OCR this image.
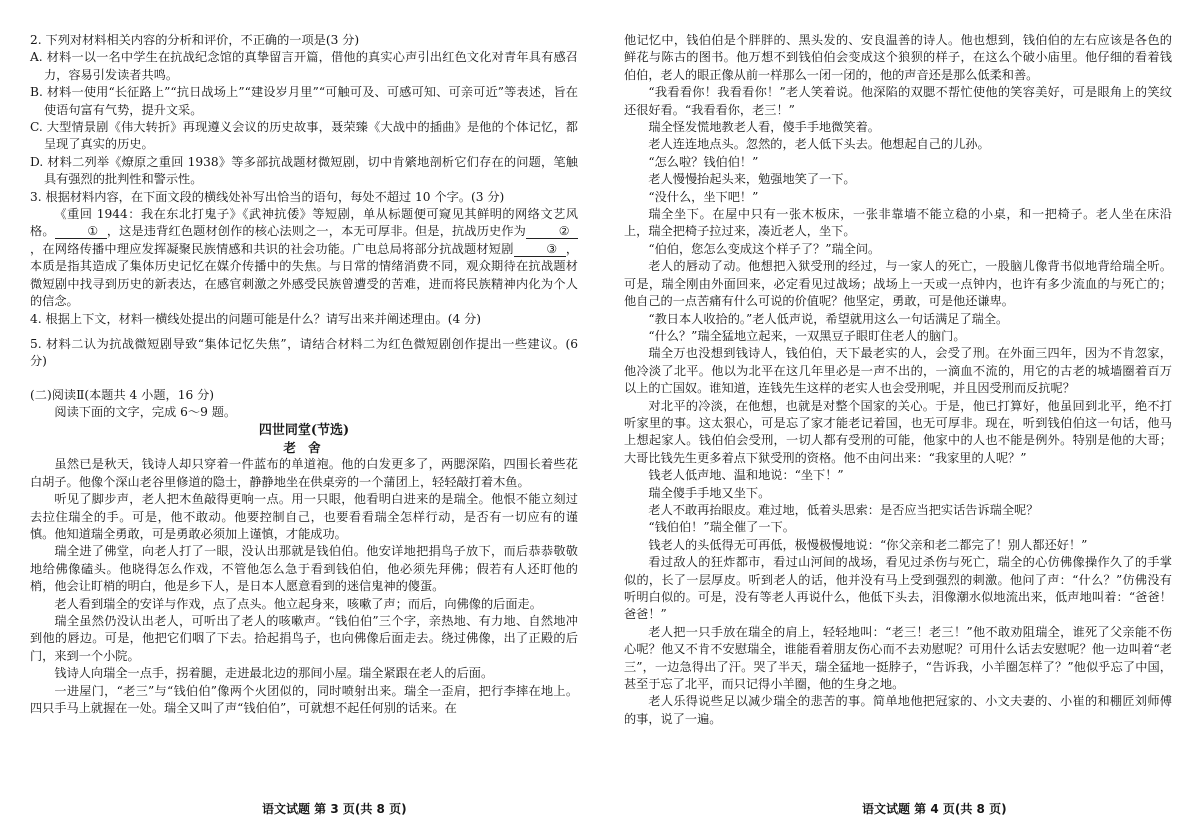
2. 下列对材料相关内容的分析和评价，不正确的一项是(3 分)

A. 材料一以一名中学生在抗战纪念馆的真挚留言开篇，借他的真实心声引出红色文化对青年具有感召力，容易引发读者共鸣。

B. 材料一使用“长征路上”“抗日战场上”“建设岁月里”“可触可及、可感可知、可亲可近”等表述，旨在使语句富有气势，提升文采。

C. 大型情景剧《伟大转折》再现遵义会议的历史故事，聂荣臻《大战中的插曲》是他的个体记忆，都呈现了真实的历史。

D. 材料二列举《燎原之重回 1938》等多部抗战题材微短剧，切中肯綮地剖析它们存在的问题，笔触具有强烈的批判性和警示性。

3. 根据材料内容，在下面文段的横线处补写出恰当的语句，每处不超过 10 个字。(3 分)

《重回 1944：我在东北打鬼子》《武神抗倭》等短剧，单从标题便可窥见其鲜明的网络文艺风格。	① ，这是违背红色题材创作的核心法则之一，本无可厚非。但是，抗战历史作为	②，在网络传播中理应发挥凝聚民族情感和共识的社会功能。广电总局将部分抗战题材短剧	③ ，本质是指其造成了集体历史记忆在媒介传播中的失焦。与日常的情绪消费不同，观众期待在抗战题材微短剧中找寻到历史的新表达，在感官刺激之外感受民族曾遭受的苦难，进而将民族精神内化为个人的信念。

4. 根据上下文，材料一横线处提出的问题可能是什么？请写出来并阐述理由。(4 分)

5. 材料二认为抗战微短剧导致“集体记忆失焦”，请结合材料二为红色微短剧创作提出一些建议。(6 分)

(二)阅读Ⅱ(本题共 4 小题，16 分)

阅读下面的文字，完成 6～9 题。

四世同堂(节选)

老 舍

虽然已是秋天，钱诗人却只穿着一件蓝布的单道袍。他的白发更多了，两腮深陷，四围长着些花白胡子。他像个深山老谷里修道的隐士，静静地坐在供桌旁的一个蒲团上，轻轻敲打着木鱼。

听见了脚步声，老人把木鱼敲得更响一点。用一只眼，他看明白进来的是瑞全。他恨不能立刻过去拉住瑞全的手。可是，他不敢动。他要控制自己，也要看看瑞全怎样行动，是否有一切应有的谨慎。他知道瑞全勇敢，可是勇敢必须加上谨慎，才能成功。

瑞全进了佛堂，向老人打了一眼，没认出那就是钱伯伯。他安详地把捐鸟子放下，而后恭恭敬敬地给佛像磕头。他晓得怎么作戏，不管他怎么急于看到钱伯伯，他必须先拜佛；假若有人还盯他的梢，他会让盯梢的明白，他是乡下人，是日本人愿意看到的迷信鬼神的傻蛋。

老人看到瑞全的安详与作戏，点了点头。他立起身来，咳嗽了声；而后，向佛像的后面走。

瑞全虽然仍没认出老人，可听出了老人的咳嗽声。“钱伯伯”三个字，亲热地、有力地、自然地冲到他的唇边。可是，他把它们咽了下去。拾起捐鸟子，也向佛像后面走去。绕过佛像，出了正殿的后门，来到一个小院。

钱诗人向瑞全一点手，拐着腿，走进最北边的那间小屋。瑞全紧跟在老人的后面。

一进屋门，“老三”与“钱伯伯”像两个火团似的，同时喷射出来。瑞全一歪肩，把行李摔在地上。四只手马上就握在一处。瑞全又叫了声“钱伯伯”，可就想不起任何别的话来。在

语文试题 第 3 页(共 8 页)

他记忆中，钱伯伯是个胖胖的、黑头发的、安良温善的诗人。他也想到，钱伯伯的左右应该是各色的鲜花与陈古的图书。他万想不到钱伯伯会变成这个狼狈的样子，在这么个破小庙里。他仔细的看着钱伯伯，老人的眼正像从前一样那么一闭一闭的，他的声音还是那么低柔和善。

“我看看你！我看看你！”老人笑着说。他深陷的双腮不帮忙使他的笑容美好，可是眼角上的笑纹还很好看。“我看看你，老三！”

瑞全怪发慌地教老人看，傻手手地微笑着。

老人连连地点头。忽然的，老人低下头去。他想起自己的儿孙。

“怎么啦？钱伯伯！”

老人慢慢抬起头来，勉强地笑了一下。

“没什么，坐下吧！”

瑞全坐下。在屋中只有一张木板床，一张非靠墙不能立稳的小桌，和一把椅子。老人坐在床沿上，瑞全把椅子拉过来，凑近老人，坐下。

“伯伯，您怎么变成这个样子了？”瑞全问。

老人的唇动了动。他想把入狱受刑的经过，与一家人的死亡，一股脑儿像背书似地背给瑞全听。可是，瑞全刚由外面回来，必定看见过战场；战场上一天或一点钟内，也许有多少流血的与死亡的；他自己的一点苦痛有什么可说的价值呢？他坚定，勇敢，可是他还谦卑。

“教日本人收拾的。”老人低声说，希望就用这么一句话满足了瑞全。

“什么？”瑞全猛地立起来，一双黑豆子眼盯住老人的脑门。

瑞全万也没想到钱诗人，钱伯伯，天下最老实的人，会受了刑。在外面三四年，因为不肯忽家，他冷淡了北平。他以为北平在这几年里必是一声不出的，一滴血不流的，用它的古老的城墙圈着百万以上的亡国奴。谁知道，连钱先生这样的老实人也会受刑呢，并且因受刑而反抗呢？

对北平的冷淡，在他想，也就是对整个国家的关心。于是，他已打算好，他虽回到北平，绝不打听家里的事。这太狠心，可是忘了家才能老记着国，也无可厚非。现在，听到钱伯伯这一句话，他马上想起家人。钱伯伯会受刑，一切人都有受刑的可能，他家中的人也不能是例外。特别是他的大哥；大哥比钱先生更多着点下狱受刑的资格。他不由问出来：“我家里的人呢？”

钱老人低声地、温和地说：“坐下！”

瑞全傻手手地又坐下。

老人不敢再抬眼皮。难过地，低着头思索：是否应当把实话告诉瑞全呢？

“钱伯伯！”瑞全催了一下。

钱老人的头低得无可再低，极慢极慢地说：“你父亲和老二都完了！别人都还好！”

看过敌人的狂炸都市，看过山河间的战场，看见过杀伤与死亡，瑞全的心仿佛像操作久了的手掌似的，长了一层厚皮。听到老人的话，他并没有马上受到强烈的刺激。他问了声：“什么？”仿佛没有听明白似的。可是，没有等老人再说什么，他低下头去，泪像潮水似地流出来，低声地叫着：“爸爸！爸爸！”

老人把一只手放在瑞全的肩上，轻轻地叫：“老三！老三！”他不敢劝阻瑞全，谁死了父亲能不伤心呢？他又不肯不安慰瑞全，谁能看着朋友伤心而不去劝慰呢？可用什么话去安慰呢？他一边叫着“老三”，一边急得出了汗。哭了半天，瑞全猛地一挺脖子，“告诉我，小羊圈怎样了？”他似乎忘了中国，甚至于忘了北平，而只记得小羊圈，他的生身之地。

老人乐得说些足以减少瑞全的悲苦的事。简单地他把冠家的、小文夫妻的、小崔的和棚匠刘师傅的事，说了一遍。

语文试题 第 4 页(共 8 页)
